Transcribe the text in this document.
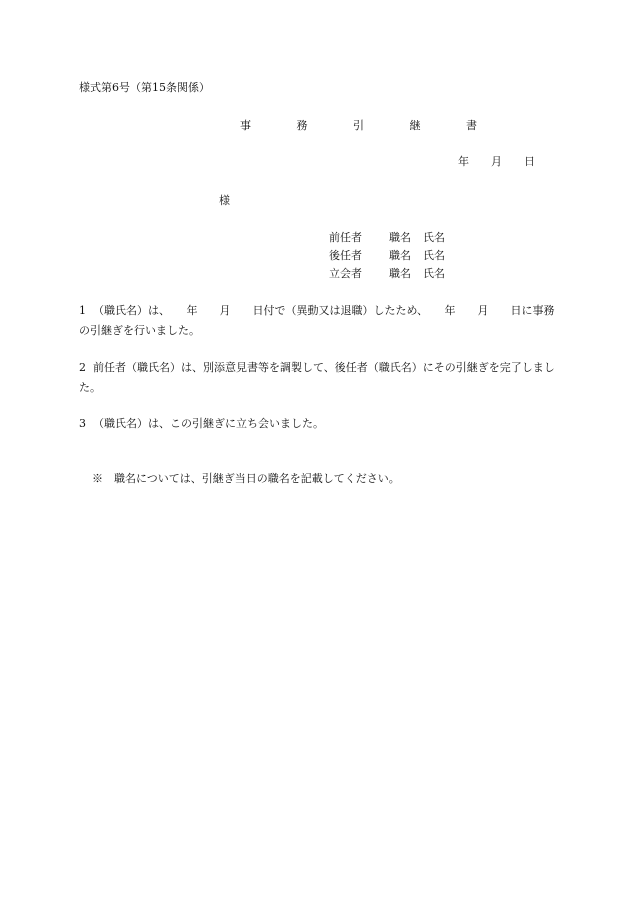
様式第6号（第15条関係）
事 務 引 継 書
年　　月　　日
様
前任者 職名 氏名
後任者 職名 氏名
立会者 職名 氏名
1 （職氏名）は、　　年　　月　　日付で（異動又は退職）したため、　　年　　月　　日に事務の引継ぎを行いました。
2 前任者（職氏名）は、別添意見書等を調製して、後任者（職氏名）にその引継ぎを完了しました。
3 （職氏名）は、この引継ぎに立ち会いました。
※　職名については、引継ぎ当日の職名を記載してください。
